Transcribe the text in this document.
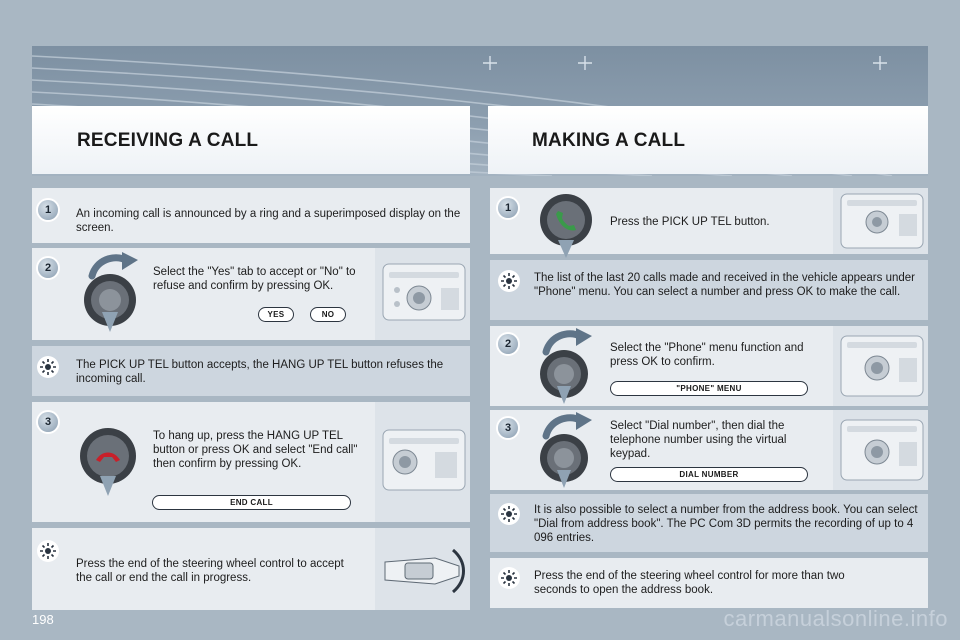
RECEIVING A CALL	MAKING A CALL
1	An incoming call is announced by a ring and a superimposed display on the screen.
2	Select the "Yes" tab to accept or "No" to refuse and confirm by pressing OK.
YES	NO
The PICK UP TEL button accepts, the HANG UP TEL button refuses the incoming call.
3
To hang up, press the HANG UP TEL button or press OK and select "End call" then confirm by pressing OK.
END CALL
Press the end of the steering wheel control to accept the call or end the call in progress.
1
Press the PICK UP TEL button.
The list of the last 20 calls made and received in the vehicle appears under "Phone" menu. You can select a number and press OK to make the call.
2	Select the "Phone" menu function and press OK to confirm.
"PHONE" MENU
3	Select "Dial number", then dial the telephone number using the virtual keypad.
DIAL NUMBER
It is also possible to select a number from the address book. You can select "Dial from address book". The PC Com 3D permits the recording of up to 4 096 entries.
Press the end of the steering wheel control for more than two seconds to open the address book.
198	carmanualsonline.info
